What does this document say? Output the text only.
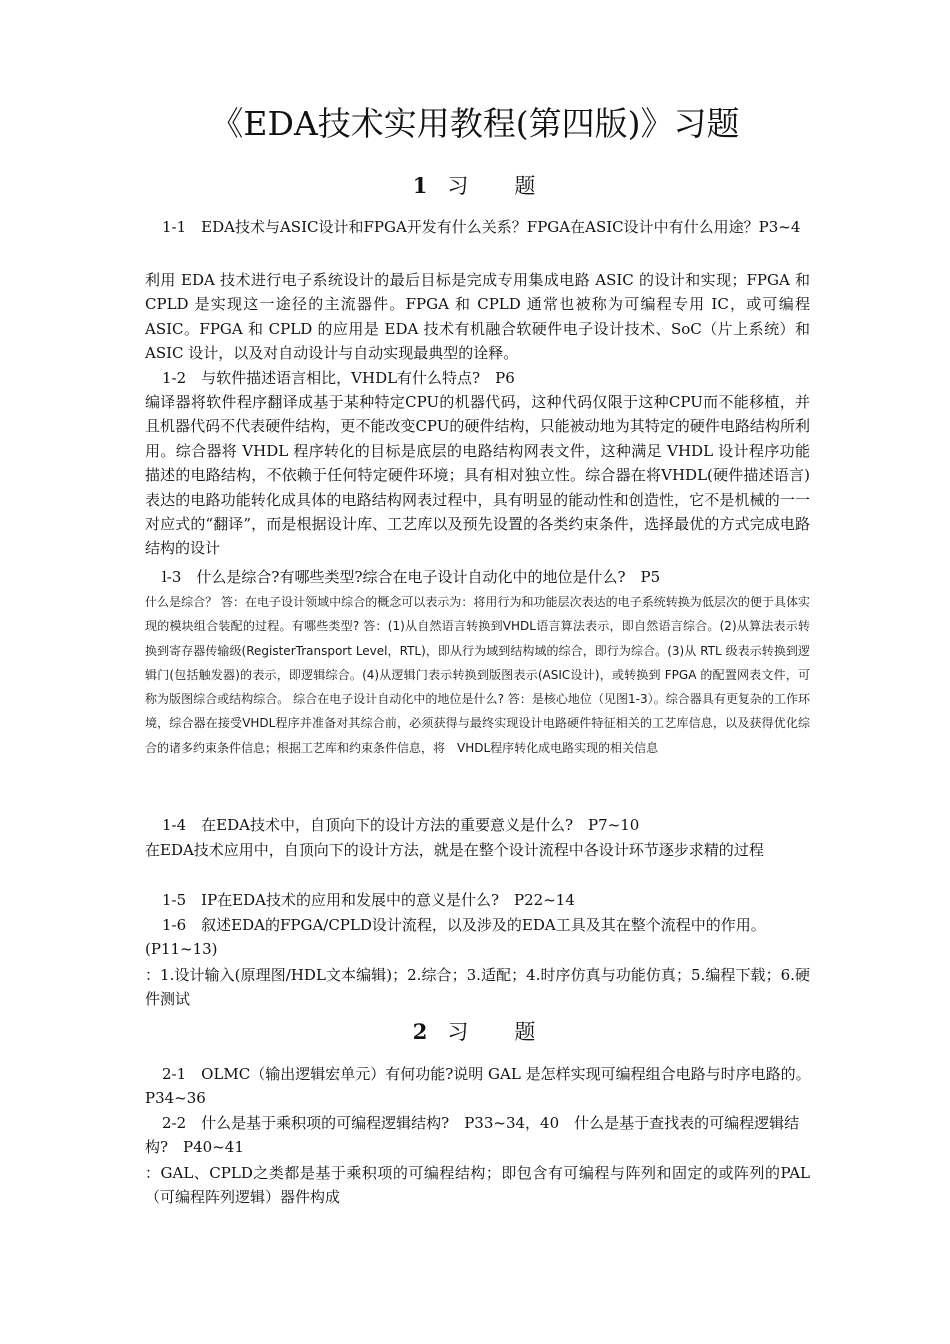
《EDA技术实用教程(第四版)》习题
1 习 题

1-1　EDA技术与ASIC设计和FPGA开发有什么关系？FPGA在ASIC设计中有什么用途？P3~4

利用 EDA 技术进行电子系统设计的最后目标是完成专用集成电路 ASIC 的设计和实现；FPGA 和 CPLD 是实现这一途径的主流器件。FPGA 和 CPLD 通常也被称为可编程专用 IC，或可编程 ASIC。FPGA 和 CPLD 的应用是 EDA 技术有机融合软硬件电子设计技术、SoC（片上系统）和 ASIC 设计，以及对自动设计与自动实现最典型的诠释。

1-2　与软件描述语言相比，VHDL有什么特点?　P6

编译器将软件程序翻译成基于某种特定CPU的机器代码，这种代码仅限于这种CPU而不能移植，并且机器代码不代表硬件结构，更不能改变CPU的硬件结构，只能被动地为其特定的硬件电路结构所利用。综合器将 VHDL 程序转化的目标是底层的电路结构网表文件，这种满足 VHDL 设计程序功能描述的电路结构，不依赖于任何特定硬件环境；具有相对独立性。综合器在将VHDL(硬件描述语言)表达的电路功能转化成具体的电路结构网表过程中，具有明显的能动性和创造性，它不是机械的一一对应式的“翻译”，而是根据设计库、工艺库以及预先设置的各类约束条件，选择最优的方式完成电路结构的设计

l-3　什么是综合?有哪些类型?综合在电子设计自动化中的地位是什么?　P5

什么是综合？ 答：在电子设计领域中综合的概念可以表示为：将用行为和功能层次表达的电子系统转换为低层次的便于具体实现的模块组合装配的过程。有哪些类型? 答：(1)从自然语言转换到VHDL语言算法表示，即自然语言综合。(2)从算法表示转换到寄存器传输级(RegisterTransport Level，RTL)，即从行为域到结构域的综合，即行为综合。(3)从 RTL 级表示转换到逻辑门(包括触发器)的表示，即逻辑综合。(4)从逻辑门表示转换到版图表示(ASIC设计)，或转换到 FPGA 的配置网表文件，可称为版图综合或结构综合。 综合在电子设计自动化中的地位是什么? 答：是核心地位（见图1-3）。综合器具有更复杂的工作环境，综合器在接受VHDL程序并准备对其综合前，必须获得与最终实现设计电路硬件特征相关的工艺库信息，以及获得优化综合的诸多约束条件信息；根据工艺库和约束条件信息，将　VHDL程序转化成电路实现的相关信息

1-4　在EDA技术中，自顶向下的设计方法的重要意义是什么?　P7~10

在EDA技术应用中，自顶向下的设计方法，就是在整个设计流程中各设计环节逐步求精的过程

1-5　IP在EDA技术的应用和发展中的意义是什么?　P22~14

1-6　叙述EDA的FPGA/CPLD设计流程，以及涉及的EDA工具及其在整个流程中的作用。　(P11~13)

：1.设计输入(原理图/HDL文本编辑)；2.综合；3.适配；4.时序仿真与功能仿真；5.编程下载；6.硬件测试

2 习 题

2-1　OLMC（输出逻辑宏单元）有何功能?说明 GAL 是怎样实现可编程组合电路与时序电路的。　P34~36

2-2　什么是基于乘积项的可编程逻辑结构?　P33~34，40　什么是基于查找表的可编程逻辑结构?　P40~41

：GAL、CPLD之类都是基于乘积项的可编程结构；即包含有可编程与阵列和固定的或阵列的PAL（可编程阵列逻辑）器件构成
